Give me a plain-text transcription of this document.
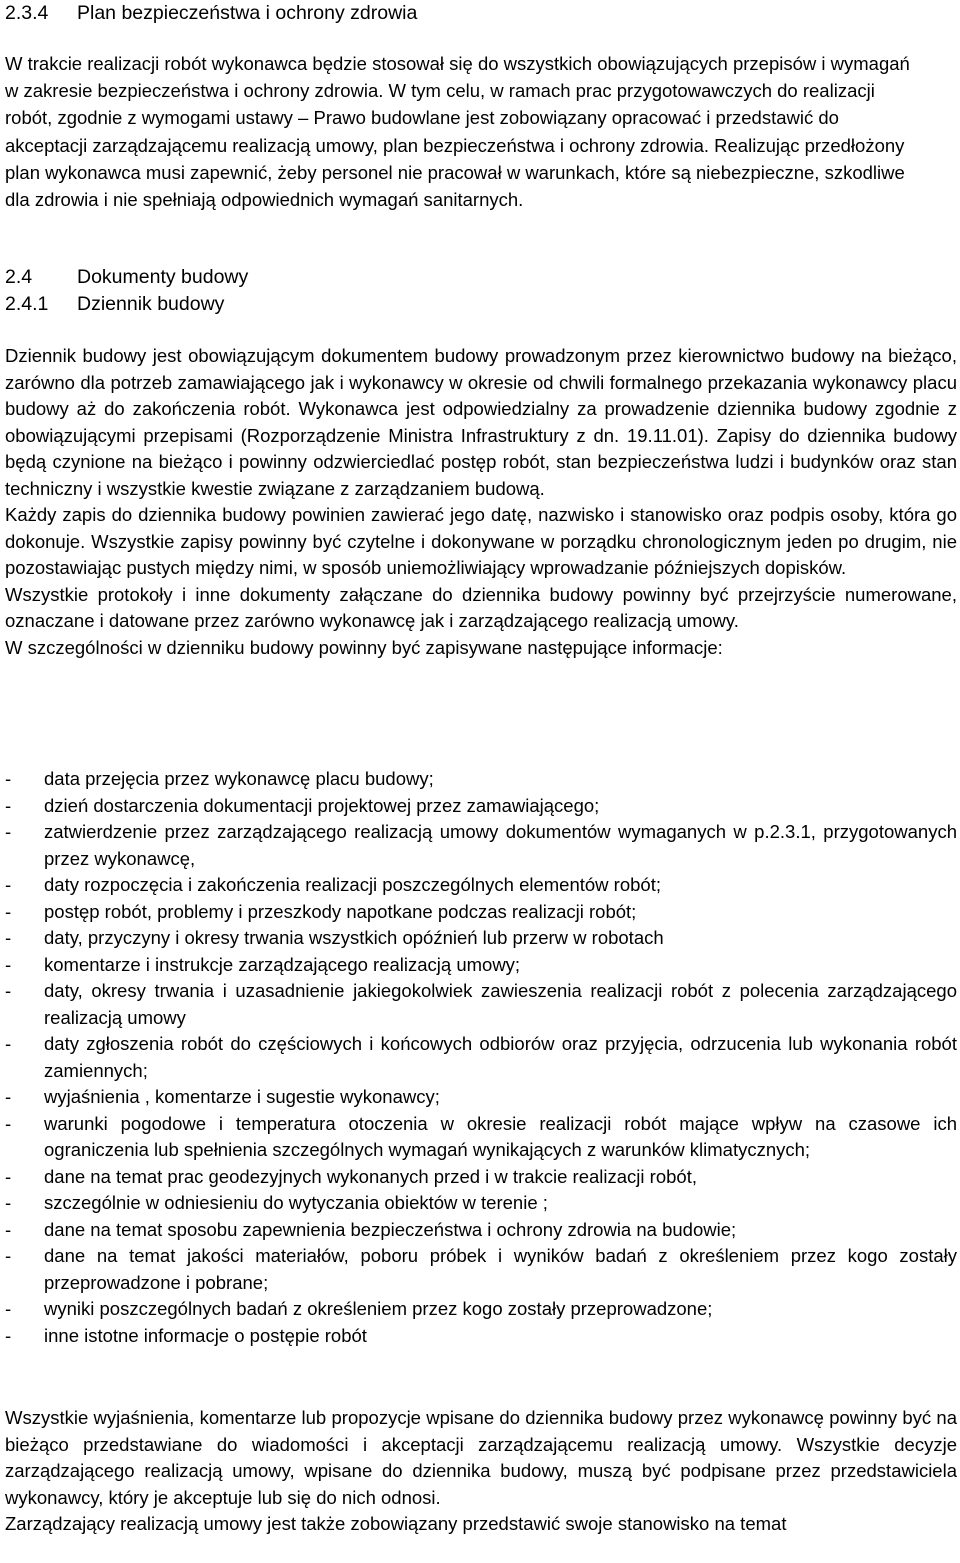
2.3.4 Plan bezpieczeństwa i ochrony zdrowia

W trakcie realizacji robót wykonawca będzie stosował się do wszystkich obowiązujących przepisów i wymagań w zakresie bezpieczeństwa i ochrony zdrowia. W tym celu, w ramach prac przygotowawczych do realizacji robót, zgodnie z wymogami ustawy – Prawo budowlane jest zobowiązany opracować i przedstawić do akceptacji zarządzającemu realizacją umowy, plan bezpieczeństwa i ochrony zdrowia. Realizując przedłożony plan wykonawca musi zapewnić, żeby personel nie pracował w warunkach, które są niebezpieczne, szkodliwe dla zdrowia i nie spełniają odpowiednich wymagań sanitarnych.

2.4 Dokumenty budowy
2.4.1 Dziennik budowy

Dziennik budowy jest obowiązującym dokumentem budowy prowadzonym przez kierownictwo budowy na bieżąco, zarówno dla potrzeb zamawiającego jak i wykonawcy w okresie od chwili formalnego przekazania wykonawcy placu budowy aż do zakończenia robót. Wykonawca jest odpowiedzialny za prowadzenie dziennika budowy zgodnie z obowiązującymi przepisami (Rozporządzenie Ministra Infrastruktury z dn. 19.11.01). Zapisy do dziennika budowy będą czynione na bieżąco i powinny odzwierciedlać postęp robót, stan bezpieczeństwa ludzi i budynków oraz stan techniczny i wszystkie kwestie związane z zarządzaniem budową.

Każdy zapis do dziennika budowy powinien zawierać jego datę, nazwisko i stanowisko oraz podpis osoby, która go dokonuje. Wszystkie zapisy powinny być czytelne i dokonywane w porządku chronologicznym jeden po drugim, nie pozostawiając pustych między nimi, w sposób uniemożliwiający wprowadzanie późniejszych dopisków.

Wszystkie protokoły i inne dokumenty załączane do dziennika budowy powinny być przejrzyście numerowane, oznaczane i datowane przez zarówno wykonawcę jak i zarządzającego realizacją umowy.

W szczególności w dzienniku budowy powinny być zapisywane następujące informacje:

- data przejęcia przez wykonawcę placu budowy;
- dzień dostarczenia dokumentacji projektowej przez zamawiającego;
- zatwierdzenie przez zarządzającego realizacją umowy dokumentów wymaganych w p.2.3.1, przygotowanych przez wykonawcę,
- daty rozpoczęcia i zakończenia realizacji poszczególnych elementów robót;
- postęp robót, problemy i przeszkody napotkane podczas realizacji robót;
- daty, przyczyny i okresy trwania wszystkich opóźnień lub przerw w robotach
- komentarze i instrukcje zarządzającego realizacją umowy;
- daty, okresy trwania i uzasadnienie jakiegokolwiek zawieszenia realizacji robót z polecenia zarządzającego realizacją umowy
- daty zgłoszenia robót do częściowych i końcowych odbiorów oraz przyjęcia, odrzucenia lub wykonania robót zamiennych;
- wyjaśnienia , komentarze i sugestie wykonawcy;
- warunki pogodowe i temperatura otoczenia w okresie realizacji robót mające wpływ na czasowe ich ograniczenia lub spełnienia szczególnych wymagań wynikających z warunków klimatycznych;
- dane na temat prac geodezyjnych wykonanych przed i w trakcie realizacji robót,
- szczególnie w odniesieniu do wytyczania obiektów w terenie ;
- dane na temat sposobu zapewnienia bezpieczeństwa i ochrony zdrowia na budowie;
- dane na temat jakości materiałów, poboru próbek i wyników badań z określeniem przez kogo zostały przeprowadzone i pobrane;
- wyniki poszczególnych badań z określeniem przez kogo zostały przeprowadzone;
- inne istotne informacje o postępie robót

Wszystkie wyjaśnienia, komentarze lub propozycje wpisane do dziennika budowy przez wykonawcę powinny być na bieżąco przedstawiane do wiadomości i akceptacji zarządzającemu realizacją umowy. Wszystkie decyzje zarządzającego realizacją umowy, wpisane do dziennika budowy, muszą być podpisane przez przedstawiciela wykonawcy, który je akceptuje lub się do nich odnosi.

Zarządzający realizacją umowy jest także zobowiązany przedstawić swoje stanowisko na temat
